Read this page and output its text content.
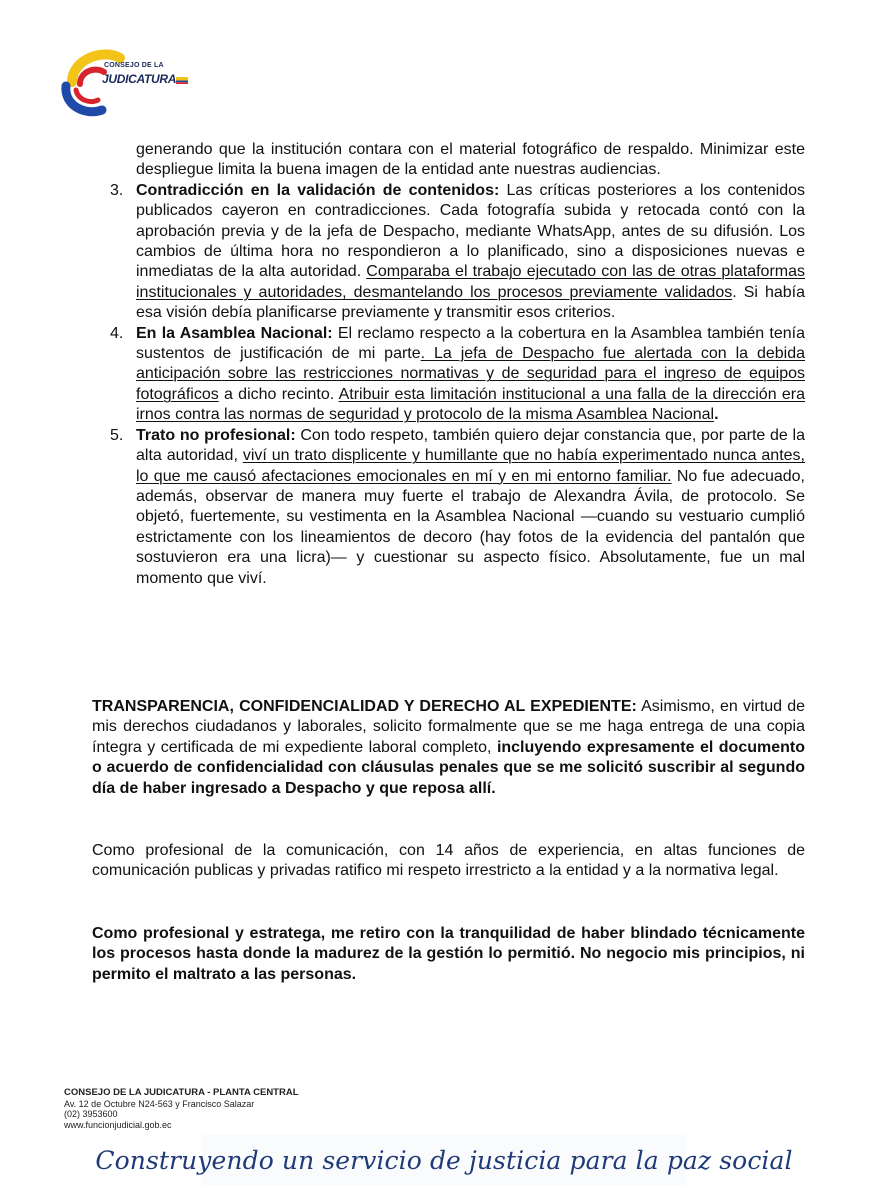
CONSEJO DE LA
JUDICATURA

generando que la institución contara con el material fotográfico de respaldo. Minimizar este despliegue limita la buena imagen de la entidad ante nuestras audiencias.

3. Contradicción en la validación de contenidos: Las críticas posteriores a los contenidos publicados cayeron en contradicciones. Cada fotografía subida y retocada contó con la aprobación previa y de la jefa de Despacho, mediante WhatsApp, antes de su difusión. Los cambios de última hora no respondieron a lo planificado, sino a disposiciones nuevas e inmediatas de la alta autoridad. Comparaba el trabajo ejecutado con las de otras plataformas institucionales y autoridades, desmantelando los procesos previamente validados. Si había esa visión debía planificarse previamente y transmitir esos criterios.
4. En la Asamblea Nacional: El reclamo respecto a la cobertura en la Asamblea también tenía sustentos de justificación de mi parte. La jefa de Despacho fue alertada con la debida anticipación sobre las restricciones normativas y de seguridad para el ingreso de equipos fotográficos a dicho recinto. Atribuir esta limitación institucional a una falla de la dirección era irnos contra las normas de seguridad y protocolo de la misma Asamblea Nacional.
5. Trato no profesional: Con todo respeto, también quiero dejar constancia que, por parte de la alta autoridad, viví un trato displicente y humillante que no había experimentado nunca antes, lo que me causó afectaciones emocionales en mí y en mi entorno familiar. No fue adecuado, además, observar de manera muy fuerte el trabajo de Alexandra Ávila, de protocolo. Se objetó, fuertemente, su vestimenta en la Asamblea Nacional —cuando su vestuario cumplió estrictamente con los lineamientos de decoro (hay fotos de la evidencia del pantalón que sostuvieron era una licra)— y cuestionar su aspecto físico. Absolutamente, fue un mal momento que viví.

TRANSPARENCIA, CONFIDENCIALIDAD Y DERECHO AL EXPEDIENTE: Asimismo, en virtud de mis derechos ciudadanos y laborales, solicito formalmente que se me haga entrega de una copia íntegra y certificada de mi expediente laboral completo, incluyendo expresamente el documento o acuerdo de confidencialidad con cláusulas penales que se me solicitó suscribir al segundo día de haber ingresado a Despacho y que reposa allí.

Como profesional de la comunicación, con 14 años de experiencia, en altas funciones de comunicación publicas y privadas ratifico mi respeto irrestricto a la entidad y a la normativa legal.

Como profesional y estratega, me retiro con la tranquilidad de haber blindado técnicamente los procesos hasta donde la madurez de la gestión lo permitió. No negocio mis principios, ni permito el maltrato a las personas.

CONSEJO DE LA JUDICATURA - PLANTA CENTRAL
Av. 12 de Octubre N24-563 y Francisco Salazar
(02) 3953600
www.funcionjudicial.gob.ec
Construyendo un servicio de justicia para la paz social
